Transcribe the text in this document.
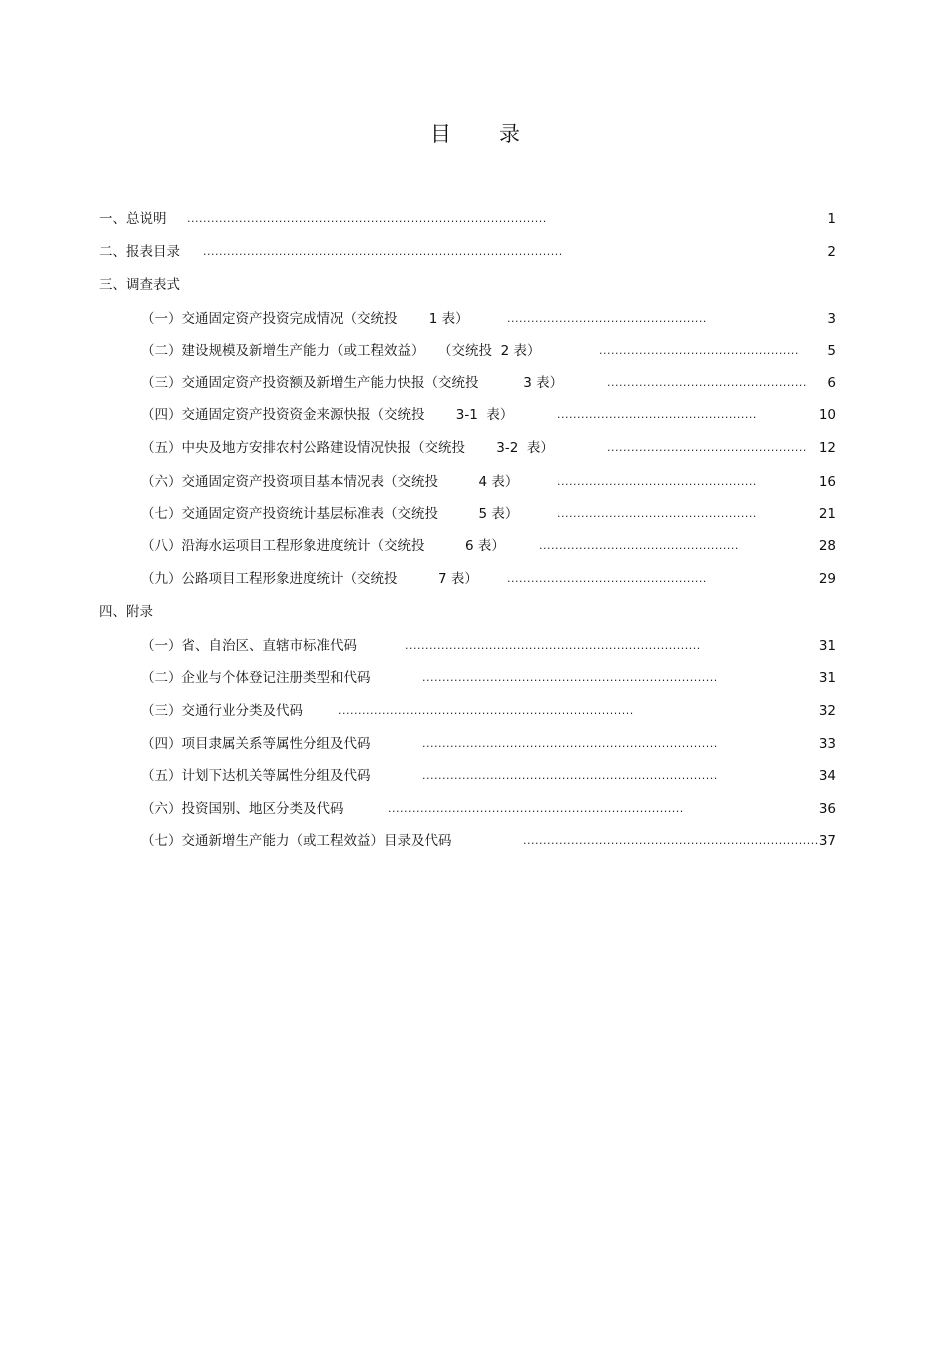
目 录
一、总说明 ..........................................................................................	1
二、报表目录 ..........................................................................................	2
三、调查表式
（一）交通固定资产投资完成情况（交统投　　 1 表）	..................................................	3
（二）建设规模及新增生产能力（或工程效益）　　（交统投  2 表）	.................................................. 5
（三）交通固定资产投资额及新增生产能力快报（交统投　　　 3 表）	.................................................. 6
（四）交通固定资产投资资金来源快报（交统投　　 3-1  表）	..................................................	10
（五）中央及地方安排农村公路建设情况快报（交统投　　 3-2  表）	.................................................. 12
（六）交通固定资产投资项目基本情况表（交统投　　　4 表）	..................................................	16
（七）交通固定资产投资统计基层标准表（交统投　　　5 表）	..................................................	21
（八）沿海水运项目工程形象进度统计（交统投　　　6 表）	..................................................	28
（九）公路项目工程形象进度统计（交统投　　　7 表）	..................................................	29
四、附录
（一）省、自治区、直辖市标准代码	..........................................................................	31
（二）企业与个体登记注册类型和代码	..........................................................................	31
（三）交通行业分类及代码	..........................................................................	32
（四）项目隶属关系等属性分组及代码	..........................................................................	33
（五）计划下达机关等属性分组及代码	..........................................................................	34
（六）投资国别、地区分类及代码	..........................................................................	36
（七）交通新增生产能力（或工程效益）目录及代码	.......................................................................... 37
